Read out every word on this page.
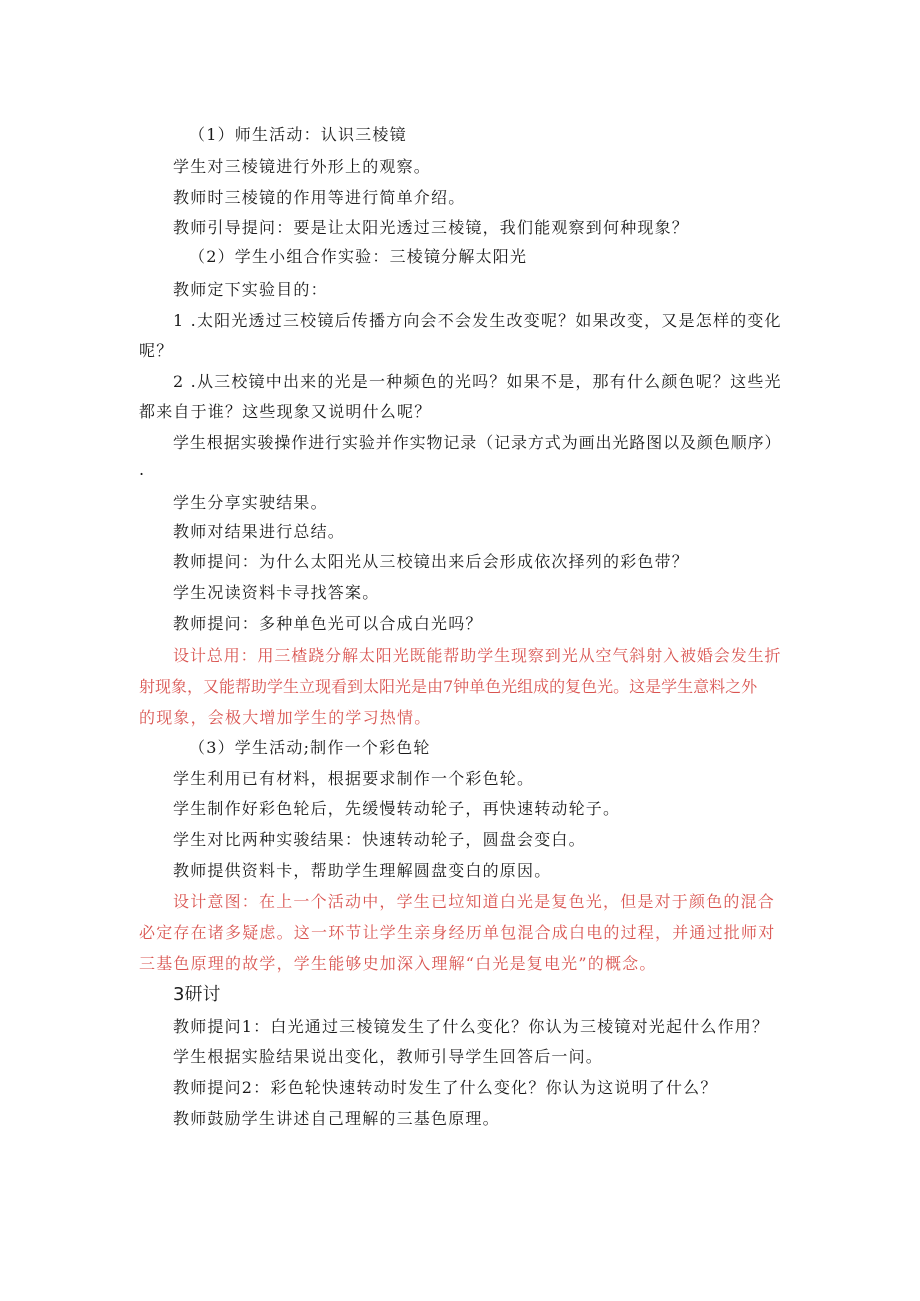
（1）师生活动：认识三棱镜
学生对三棱镜进行外形上的观察。
教师时三棱镜的作用等进行简单介绍。
教师引导提问：要是让太阳光透过三棱镜，我们能观察到何种现象？
（2）学生小组合作实验：三棱镜分解太阳光
教师定下实验目的：
1 .太阳光透过三校镜后传播方向会不会发生改变呢？如果改变，又是怎样的变化
呢？
2 .从三校镜中出来的光是一种频色的光吗？如果不是，那有什么颜色呢？这些光
都来自于谁？这些现象又说明什么呢？
学生根据实骏操作进行实验并作实物记录（记录方式为画出光路图以及颜色顺序）
.
学生分享实驶结果。
教师对结果进行总结。
教师提问：为什么太阳光从三校镜出来后会形成依次择列的彩色带？
学生况读资料卡寻找答案。
教师提问：多种单色光可以合成白光吗？
设计总用：用三楂跷分解太阳光既能帮助学生现察到光从空气斜射入被婚会发生折
射现象，又能帮助学生立现看到太阳光是由7钟单色光组成的复色光。这是学生意料之外
的现象，会极大增加学生的学习热情。
（3）学生活动;制作一个彩色轮
学生利用已有材料，根据要求制作一个彩色轮。
学生制作好彩色轮后，先缓慢转动轮子，再快速转动轮子。
学生对比两种实骏结果：快速转动轮子，圆盘会变白。
教师提供资料卡，帮助学生理解圆盘变白的原因。
设计意图：在上一个活动中，学生已垃知道白光是复色光，但是对于颜色的混合
必定存在诸多疑虑。这一环节让学生亲身经历单包混合成白电的过程，并通过批师对
三基色原理的故学，学生能够史加深入理解“白光是复电光”的概念。
3研讨
教师提问1：白光通过三棱镜发生了什么变化？你认为三棱镜对光起什么作用？
学生根据实脸结果说出变化，教师引导学生回答后一问。
教师提问2：彩色轮快速转动时发生了什么变化？你认为这说明了什么？
教师鼓励学生讲述自己理解的三基色原理。
